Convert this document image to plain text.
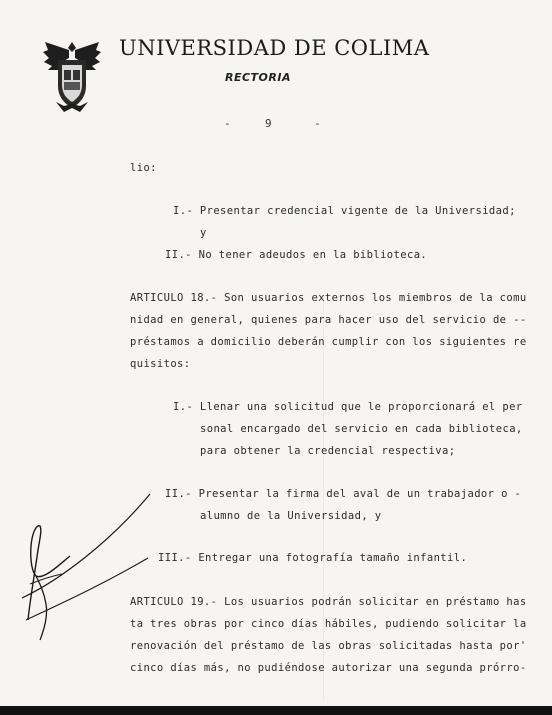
UNIVERSIDAD DE COLIMA
RECTORIA
-	9	-
lio:
I.- Presentar credencial vigente de la Universidad;
y
II.- No tener adeudos en la biblioteca.
ARTICULO 18.- Son usuarios externos los miembros de la comu
nidad en general, quienes para hacer uso del servicio de --
préstamos a domicilio deberán cumplir con los siguientes re
quisitos:
I.- Llenar una solicitud que le proporcionará el per
sonal encargado del servicio en cada biblioteca,
para obtener la credencial respectiva;
II.- Presentar la firma del aval de un trabajador o -
alumno de la Universidad, y
III.- Entregar una fotografía tamaño infantil.
ARTICULO 19.- Los usuarios podrán solicitar en préstamo has
ta tres obras por cinco días hábiles, pudiendo solicitar la
renovación del préstamo de las obras solicitadas hasta por'
cinco días más, no pudiéndose autorizar una segunda prórro-
